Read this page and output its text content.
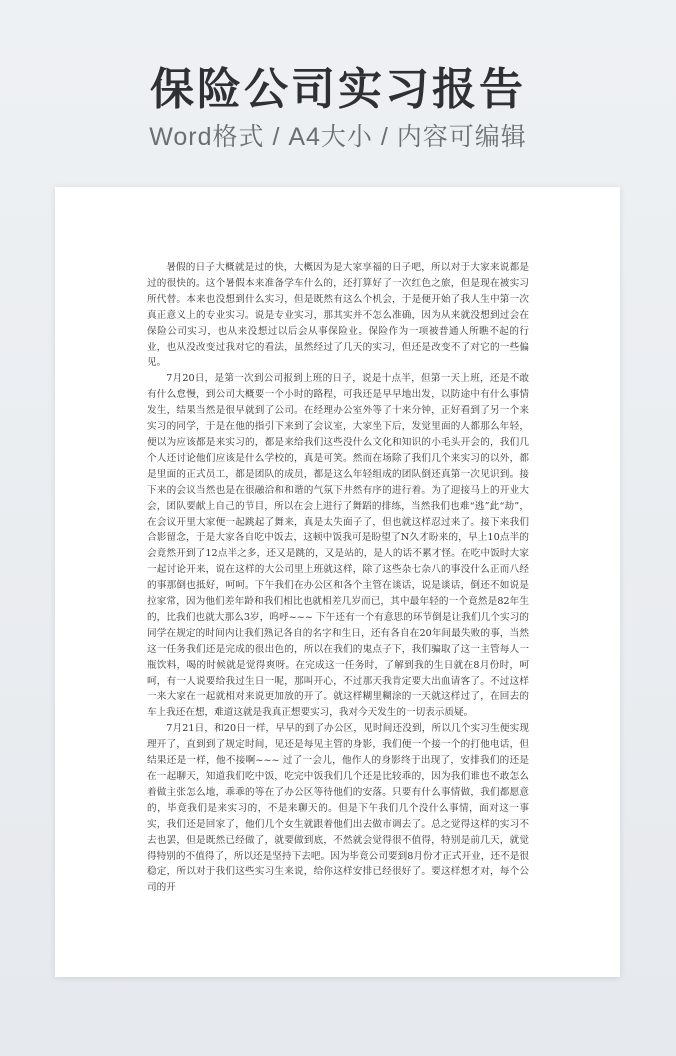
保险公司实习报告
Word格式 / A4大小 / 内容可编辑

暑假的日子大概就是过的快，大概因为是大家享福的日子吧，所以对于大家来说都是过的很快的。这个暑假本来准备学车什么的，还打算好了一次红色之旅，但是现在被实习所代替。本来也没想到什么实习，但是既然有这么个机会，于是便开始了我人生中第一次真正意义上的专业实习。说是专业实习，那其实并不怎么准确，因为从来就没想到过会在保险公司实习，也从来没想过以后会从事保险业。保险作为一项被普通人所瞧不起的行业，也从没改变过我对它的看法，虽然经过了几天的实习，但还是改变不了对它的一些偏见。

7月20日，是第一次到公司报到上班的日子，说是十点半，但第一天上班，还是不敢有什么怠慢，到公司大概要一个小时的路程，可我还是早早地出发，以防途中有什么事情发生，结果当然是很早就到了公司。在经理办公室外等了十来分钟，正好看到了另一个来实习的同学，于是在他的指引下来到了会议室，大家坐下后，发觉里面的人都那么年轻，便以为应该都是来实习的，都是来给我们这些没什么文化和知识的小毛头开会的，我们几个人还讨论他们应该是什么学校的，真是可笑。然而在场除了我们几个来实习的以外，都是里面的正式员工，都是团队的成员，都是这么年轻组成的团队倒还真第一次见识到。接下来的会议当然也是在很融洽和和谐的气氛下井然有序的进行着。为了迎接马上的开业大会，团队要献上自己的节目，所以在会上进行了舞蹈的排练，当然我们也难“逃”此“劫”，在会议开里大家便一起跳起了舞来，真是太失面子了，但也就这样忍过来了。接下来我们合影留念，于是大家各自吃中饭去，这顿中饭我可是盼望了N久才盼来的，早上10点半的会竟然开到了12点半之多，还又是跳的，又是站的，是人的话不累才怪。在吃中饭时大家一起讨论开来，说在这样的大公司里上班就这样，除了这些杂七杂八的事没什么正而八经的事那倒也抵好，呵呵。下午我们在办公区和各个主管在谈话，说是谈话，倒还不如说是拉家常，因为他们差年龄和我们相比也就相差几岁而已，其中最年轻的一个竟然是82年生的，比我们也就大那么3岁，呜呼~~~ 下午还有一个有意思的环节倒是让我们几个实习的同学在规定的时间内让我们熟记各自的名字和生日，还有各自在20年间最失败的事，当然这一任务我们还是完成的很出色的，所以在我们的鬼点子下，我们骗取了这一主管每人一瓶饮料，喝的时候就是觉得爽呀。在完成这一任务时，了解到我的生日就在8月份时，呵呵，有一人说要给我过生日一呢，那叫开心，不过那天我肯定要大出血请客了。不过这样一来大家在一起就相对来说更加放的开了。就这样糊里糊涂的一天就这样过了，在回去的车上我还在想，难道这就是我真正想要实习，我对今天发生的一切表示质疑。

7月21日，和20日一样，早早的到了办公区，见时间还没到，所以几个实习生便实现理开了，直到到了规定时间，见还是每见主管的身影，我们便一个接一个的打他电话，但结果还是一样，他不接啊~~~ 过了一会儿，他作人的身影终于出现了，安排我们的还是在一起聊天，知道我们吃中饭，吃完中饭我们几个还是比较乖的，因为我们谁也不敢怎么着做主张怎么地，乖乖的等在了办公区等待他们的安落。只要有什么事情做，我们都愿意的，毕竟我们是来实习的，不是来聊天的。但是下午我们几个没什么事情，面对这一事实，我们还是回家了，他们几个女生就跟着他们出去做市调去了。总之觉得这样的实习不去也罢，但是既然已经做了，就要做到底，不然就会觉得很不值得，特别是前几天，就觉得特别的不值得了，所以还是坚持下去吧。因为毕竟公司要到8月份才正式开业，还不是很稳定，所以对于我们这些实习生来说，给你这样安排已经很好了。要这样想才对，每个公司的开
